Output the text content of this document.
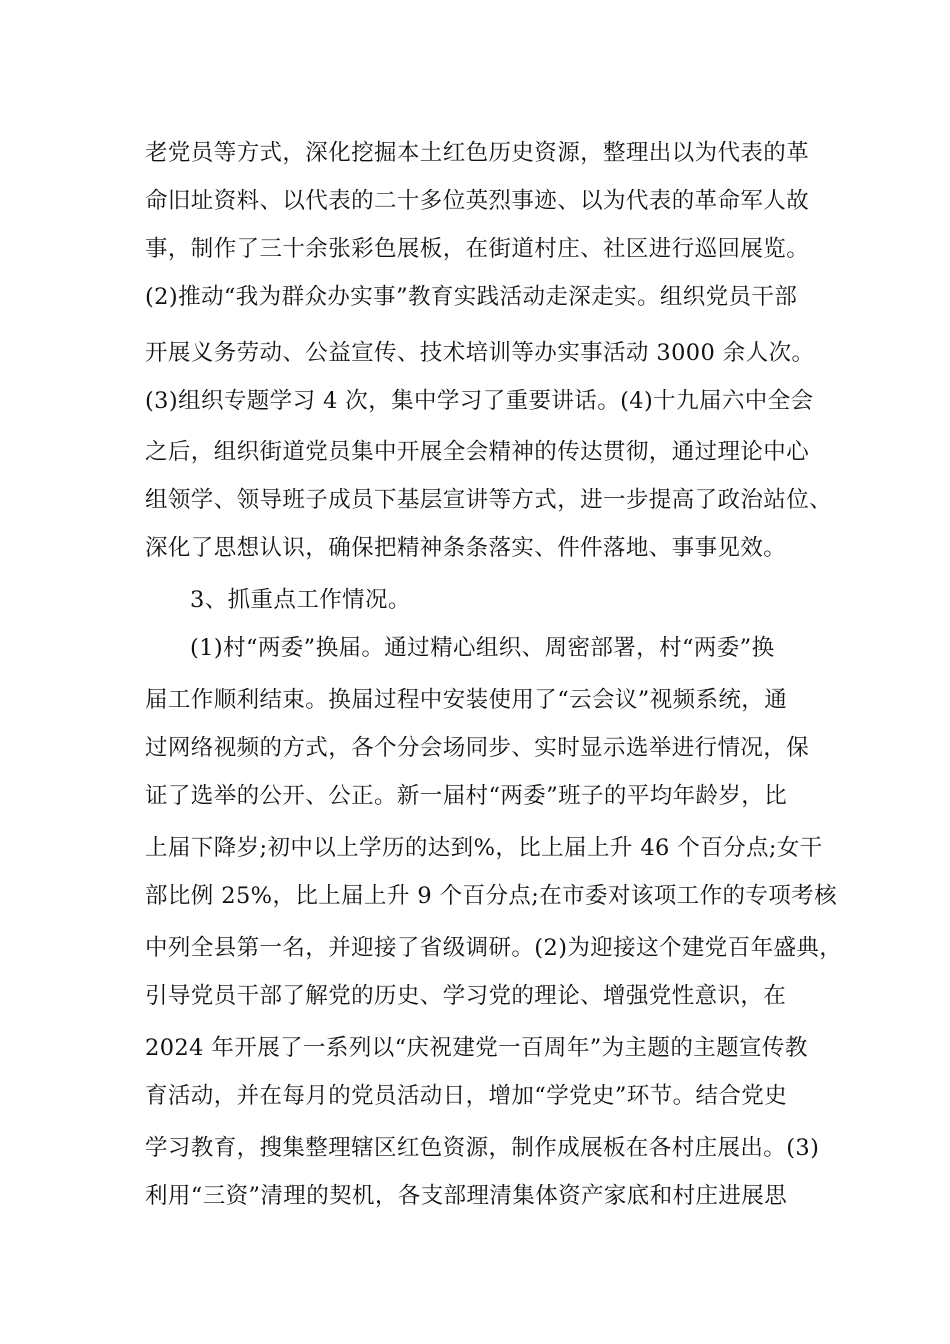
老党员等方式，深化挖掘本土红色历史资源，整理出以为代表的革
命旧址资料、以代表的二十多位英烈事迹、以为代表的革命军人故
事，制作了三十余张彩色展板，在街道村庄、社区进行巡回展览。
(2)推动“我为群众办实事”教育实践活动走深走实。组织党员干部
开展义务劳动、公益宣传、技术培训等办实事活动 3000 余人次。
(3)组织专题学习 4 次，集中学习了重要讲话。(4)十九届六中全会
之后，组织街道党员集中开展全会精神的传达贯彻，通过理论中心
组领学、领导班子成员下基层宣讲等方式，进一步提高了政治站位、
深化了思想认识，确保把精神条条落实、件件落地、事事见效。
3、抓重点工作情况。
(1)村“两委”换届。通过精心组织、周密部署，村“两委”换
届工作顺利结束。换届过程中安装使用了“云会议”视频系统，通
过网络视频的方式，各个分会场同步、实时显示选举进行情况，保
证了选举的公开、公正。新一届村“两委”班子的平均年龄岁，比
上届下降岁;初中以上学历的达到%，比上届上升 46 个百分点;女干
部比例 25%，比上届上升 9 个百分点;在市委对该项工作的专项考核
中列全县第一名，并迎接了省级调研。(2)为迎接这个建党百年盛典，
引导党员干部了解党的历史、学习党的理论、增强党性意识，在
2024 年开展了一系列以“庆祝建党一百周年”为主题的主题宣传教
育活动，并在每月的党员活动日，增加“学党史”环节。结合党史
学习教育，搜集整理辖区红色资源，制作成展板在各村庄展出。(3)
利用“三资”清理的契机，各支部理清集体资产家底和村庄进展思
